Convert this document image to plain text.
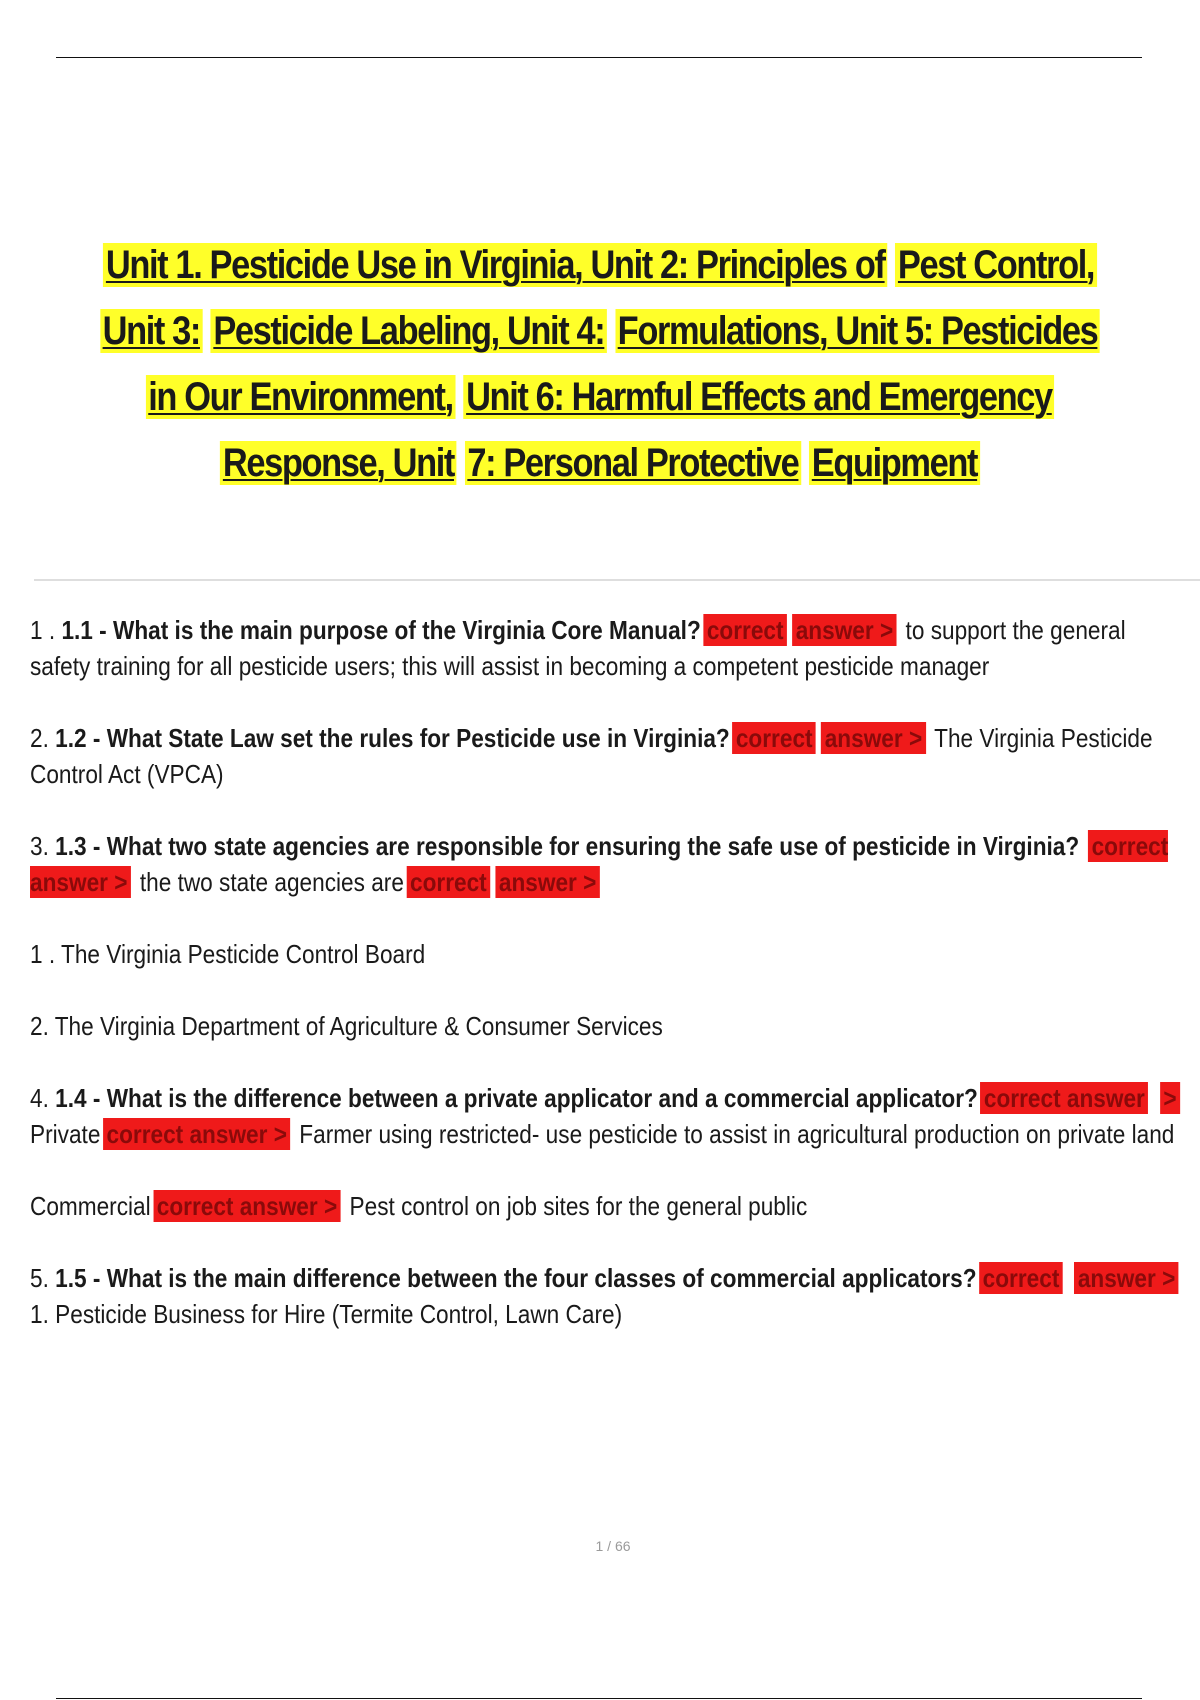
Unit 1. Pesticide Use in Virginia, Unit 2: Principles of Pest Control, Unit 3: Pesticide Labeling, Unit 4: Formulations, Unit 5: Pesticides in Our Environment, Unit 6: Harmful Effects and Emergency Response, Unit 7: Personal Protective Equipment

1 . 1.1 - What is the main purpose of the Virginia Core Manual? correct answer > to support the general safety training for all pesticide users; this will assist in becoming a competent pesticide manager

2. 1.2 - What State Law set the rules for Pesticide use in Virginia? correct answer > The Virginia Pesticide Control Act (VPCA)

3. 1.3 - What two state agencies are responsible for ensuring the safe use of pesticide in Virginia? correct answer > the two state agencies are correct answer >

1 . The Virginia Pesticide Control Board

2. The Virginia Department of Agriculture & Consumer Services

4. 1.4 - What is the difference between a private applicator and a commercial applicator? correct answer > Private correct answer > Farmer using restricted- use pesticide to assist in agricultural production on private land

Commercial correct answer > Pest control on job sites for the general public

5. 1.5 - What is the main difference between the four classes of commercial applicators? correct answer > 1. Pesticide Business for Hire (Termite Control, Lawn Care)

1 / 66
